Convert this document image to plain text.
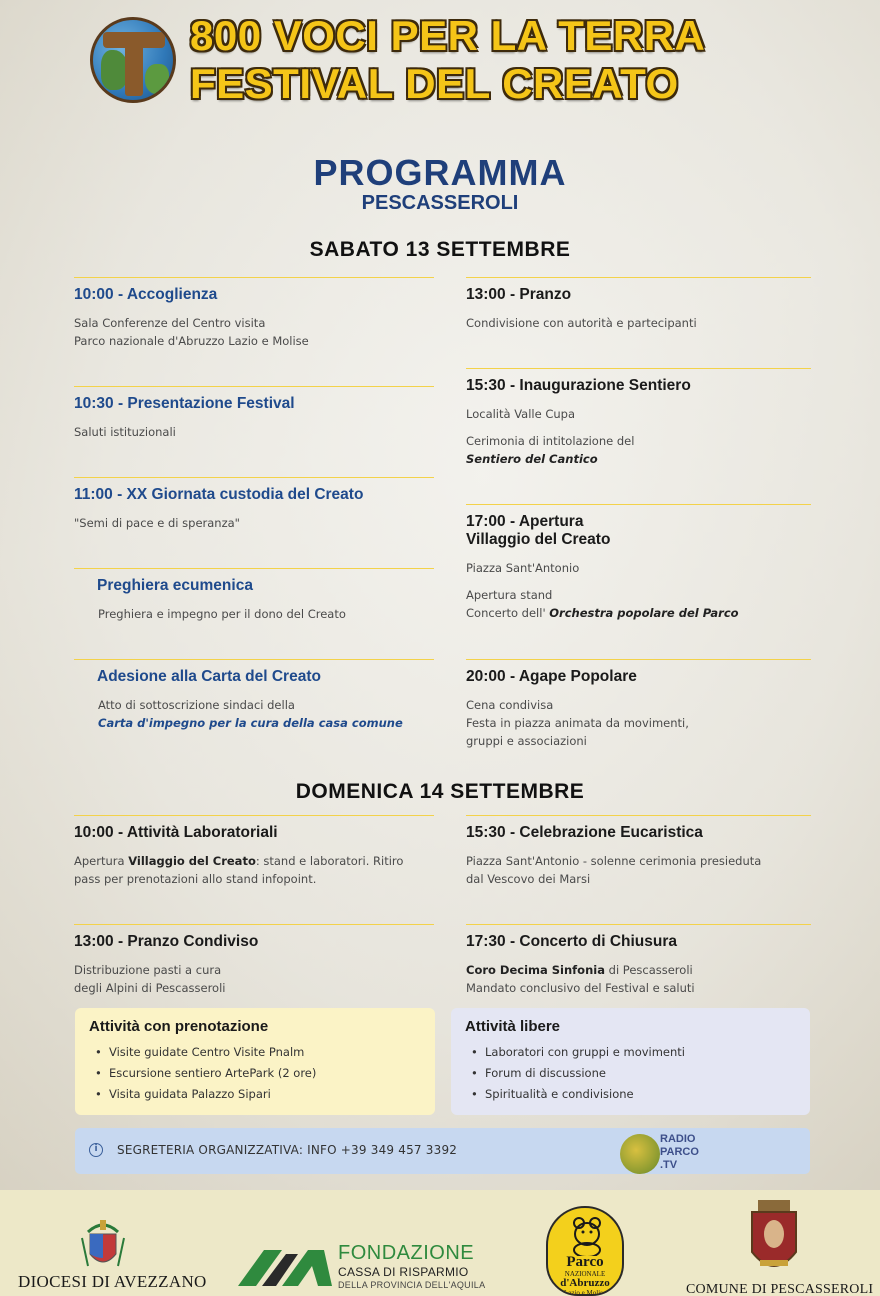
800 VOCI PER LA TERRA
FESTIVAL DEL CREATO
PROGRAMMA
PESCASSEROLI
SABATO 13 SETTEMBRE
10:00 - Accoglienza
Sala Conferenze del Centro visita
Parco nazionale d'Abruzzo Lazio e Molise
10:30 - Presentazione Festival
Saluti istituzionali
11:00 - XX Giornata custodia del Creato
"Semi di pace e di speranza"
Preghiera ecumenica
Preghiera e impegno per il dono del Creato
Adesione alla Carta del Creato
Atto di sottoscrizione sindaci della
Carta d'impegno per la cura della casa comune
13:00 - Pranzo
Condivisione con autorità e partecipanti
15:30 - Inaugurazione Sentiero
Località Valle Cupa
Cerimonia di intitolazione del
Sentiero del Cantico
17:00 - Apertura
Villaggio del Creato
Piazza Sant'Antonio
Apertura stand
Concerto dell' Orchestra popolare del Parco
20:00 - Agape Popolare
Cena condivisa
Festa in piazza animata da movimenti,
gruppi e associazioni
DOMENICA 14 SETTEMBRE
10:00 - Attività Laboratoriali
Apertura Villaggio del Creato: stand e laboratori. Ritiro
pass per prenotazioni allo stand infopoint.
13:00 - Pranzo Condiviso
Distribuzione pasti a cura
degli Alpini di Pescasseroli
15:30 - Celebrazione Eucaristica
Piazza Sant'Antonio - solenne cerimonia presieduta
dal Vescovo dei Marsi
17:30 - Concerto di Chiusura
Coro Decima Sinfonia di Pescasseroli
Mandato conclusivo del Festival e saluti
Attività con prenotazione
• Visite guidate Centro Visite Pnalm
• Escursione sentiero ArtePark (2 ore)
• Visita guidata Palazzo Sipari
Attività libere
• Laboratori con gruppi e movimenti
• Forum di discussione
• Spiritualità e condivisione
i	SEGRETERIA ORGANIZZATIVA: INFO +39 349 457 3392
RADIO
PARCO
.TV
DIOCESI DI AVEZZANO
FONDAZIONE
CASSA DI RISPARMIO
DELLA PROVINCIA DELL'AQUILA
Parco
NAZIONALE
d'Abruzzo
Lazio e Molise	COMUNE DI PESCASSEROLI
